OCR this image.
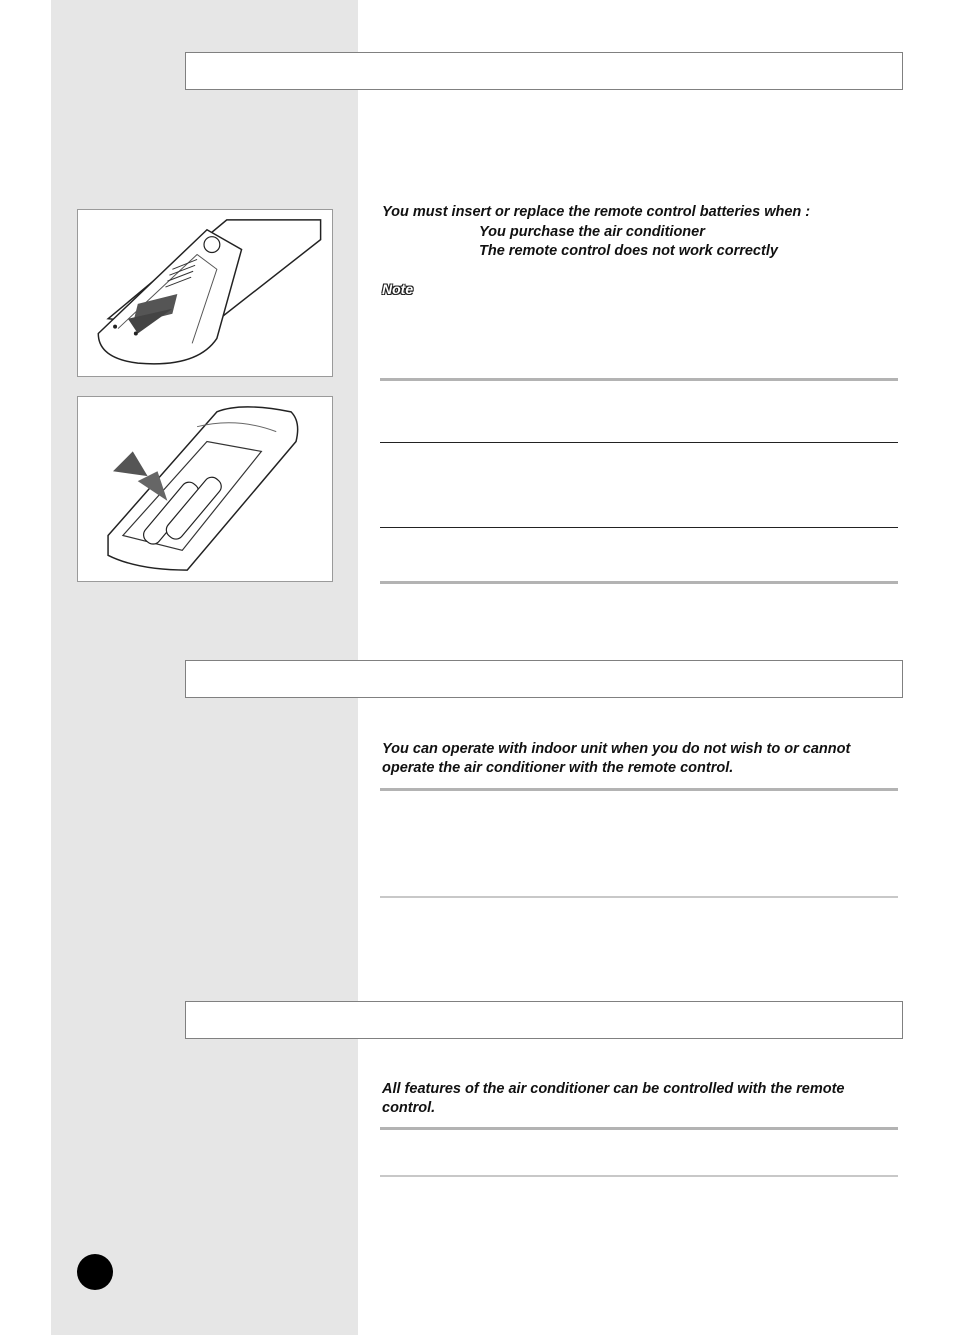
You must insert or replace the remote control batteries when :
You purchase the air conditioner
The remote control does not work correctly
Note
You can operate with indoor unit when you do not wish to or cannot
operate the air conditioner with the remote control.
All features of the air conditioner can be controlled with the remote
control.
